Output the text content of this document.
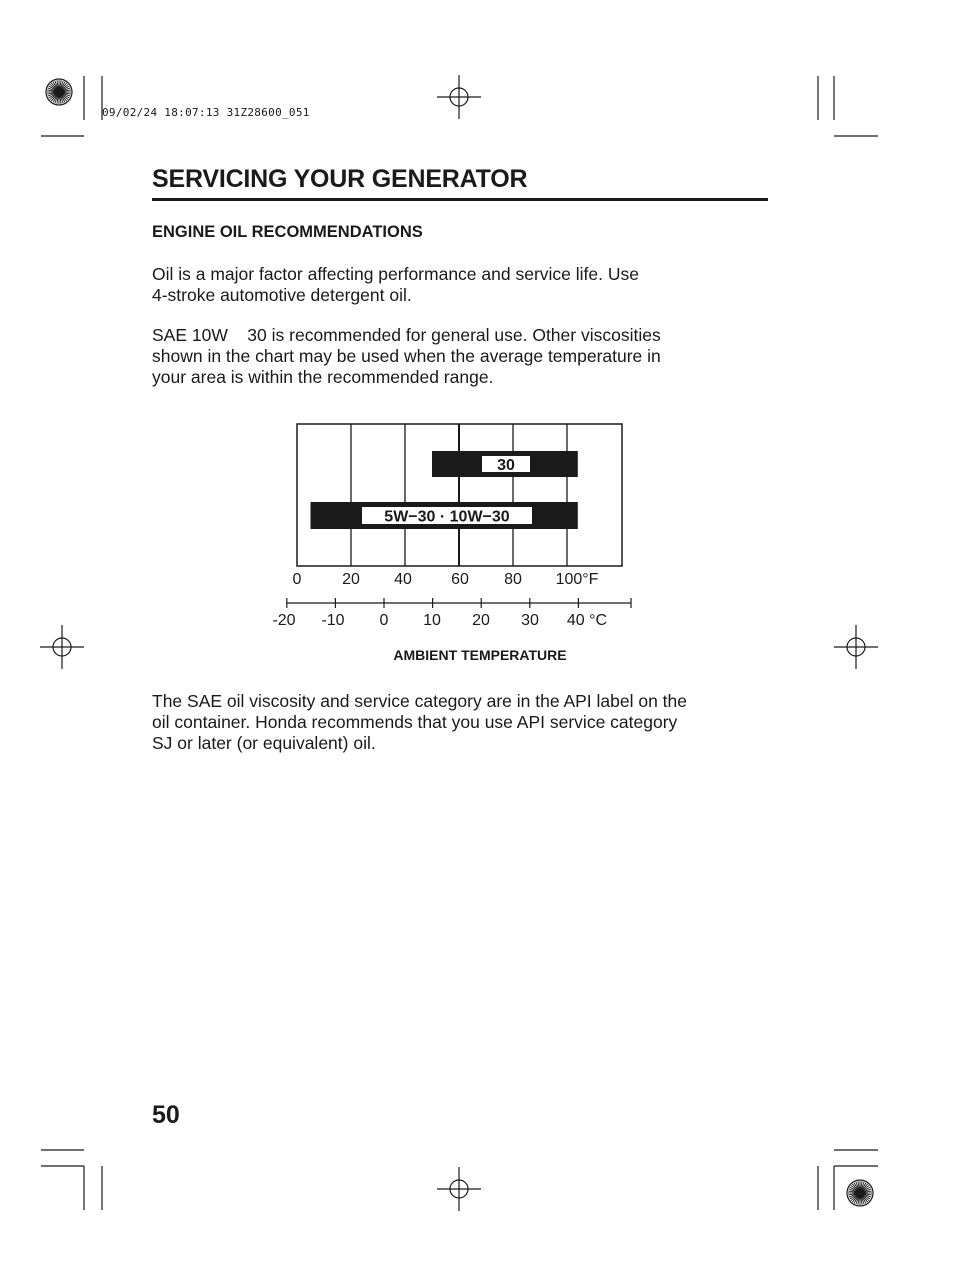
09/02/24 18:07:13 31Z28600_051
SERVICING YOUR GENERATOR
ENGINE OIL RECOMMENDATIONS
Oil is a major factor affecting performance and service life. Use
4-stroke automotive detergent oil.
SAE 10W    30 is recommended for general use. Other viscosities
shown in the chart may be used when the average temperature in
your area is within the recommended range.
30
5W−30 · 10W−30
0	20 40 60 80 100°F
-20 -10 0 10 20 30 40 °C
AMBIENT TEMPERATURE
The SAE oil viscosity and service category are in the API label on the
oil container. Honda recommends that you use API service category
SJ or later (or equivalent) oil.
50
